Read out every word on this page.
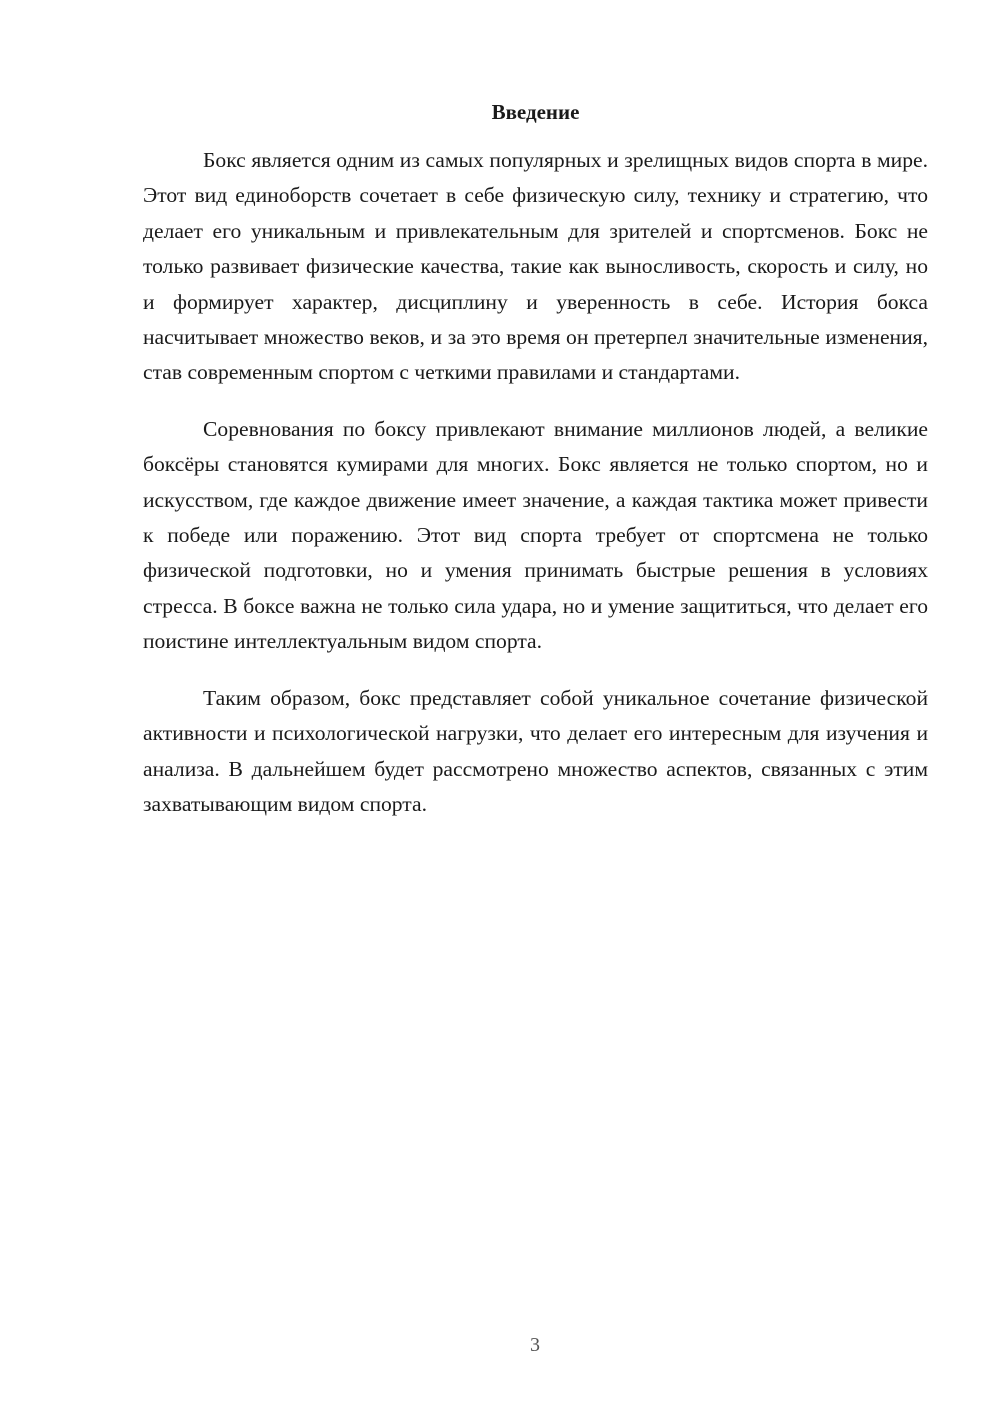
Введение

Бокс является одним из самых популярных и зрелищных видов спорта в мире. Этот вид единоборств сочетает в себе физическую силу, технику и стратегию, что делает его уникальным и привлекательным для зрителей и спортсменов. Бокс не только развивает физические качества, такие как выносливость, скорость и силу, но и формирует характер, дисциплину и уверенность в себе. История бокса насчитывает множество веков, и за это время он претерпел значительные изменения, став современным спортом с четкими правилами и стандартами.

Соревнования по боксу привлекают внимание миллионов людей, а великие боксёры становятся кумирами для многих. Бокс является не только спортом, но и искусством, где каждое движение имеет значение, а каждая тактика может привести к победе или поражению. Этот вид спорта требует от спортсмена не только физической подготовки, но и умения принимать быстрые решения в условиях стресса. В боксе важна не только сила удара, но и умение защититься, что делает его поистине интеллектуальным видом спорта.

Таким образом, бокс представляет собой уникальное сочетание физической активности и психологической нагрузки, что делает его интересным для изучения и анализа. В дальнейшем будет рассмотрено множество аспектов, связанных с этим захватывающим видом спорта.

3
